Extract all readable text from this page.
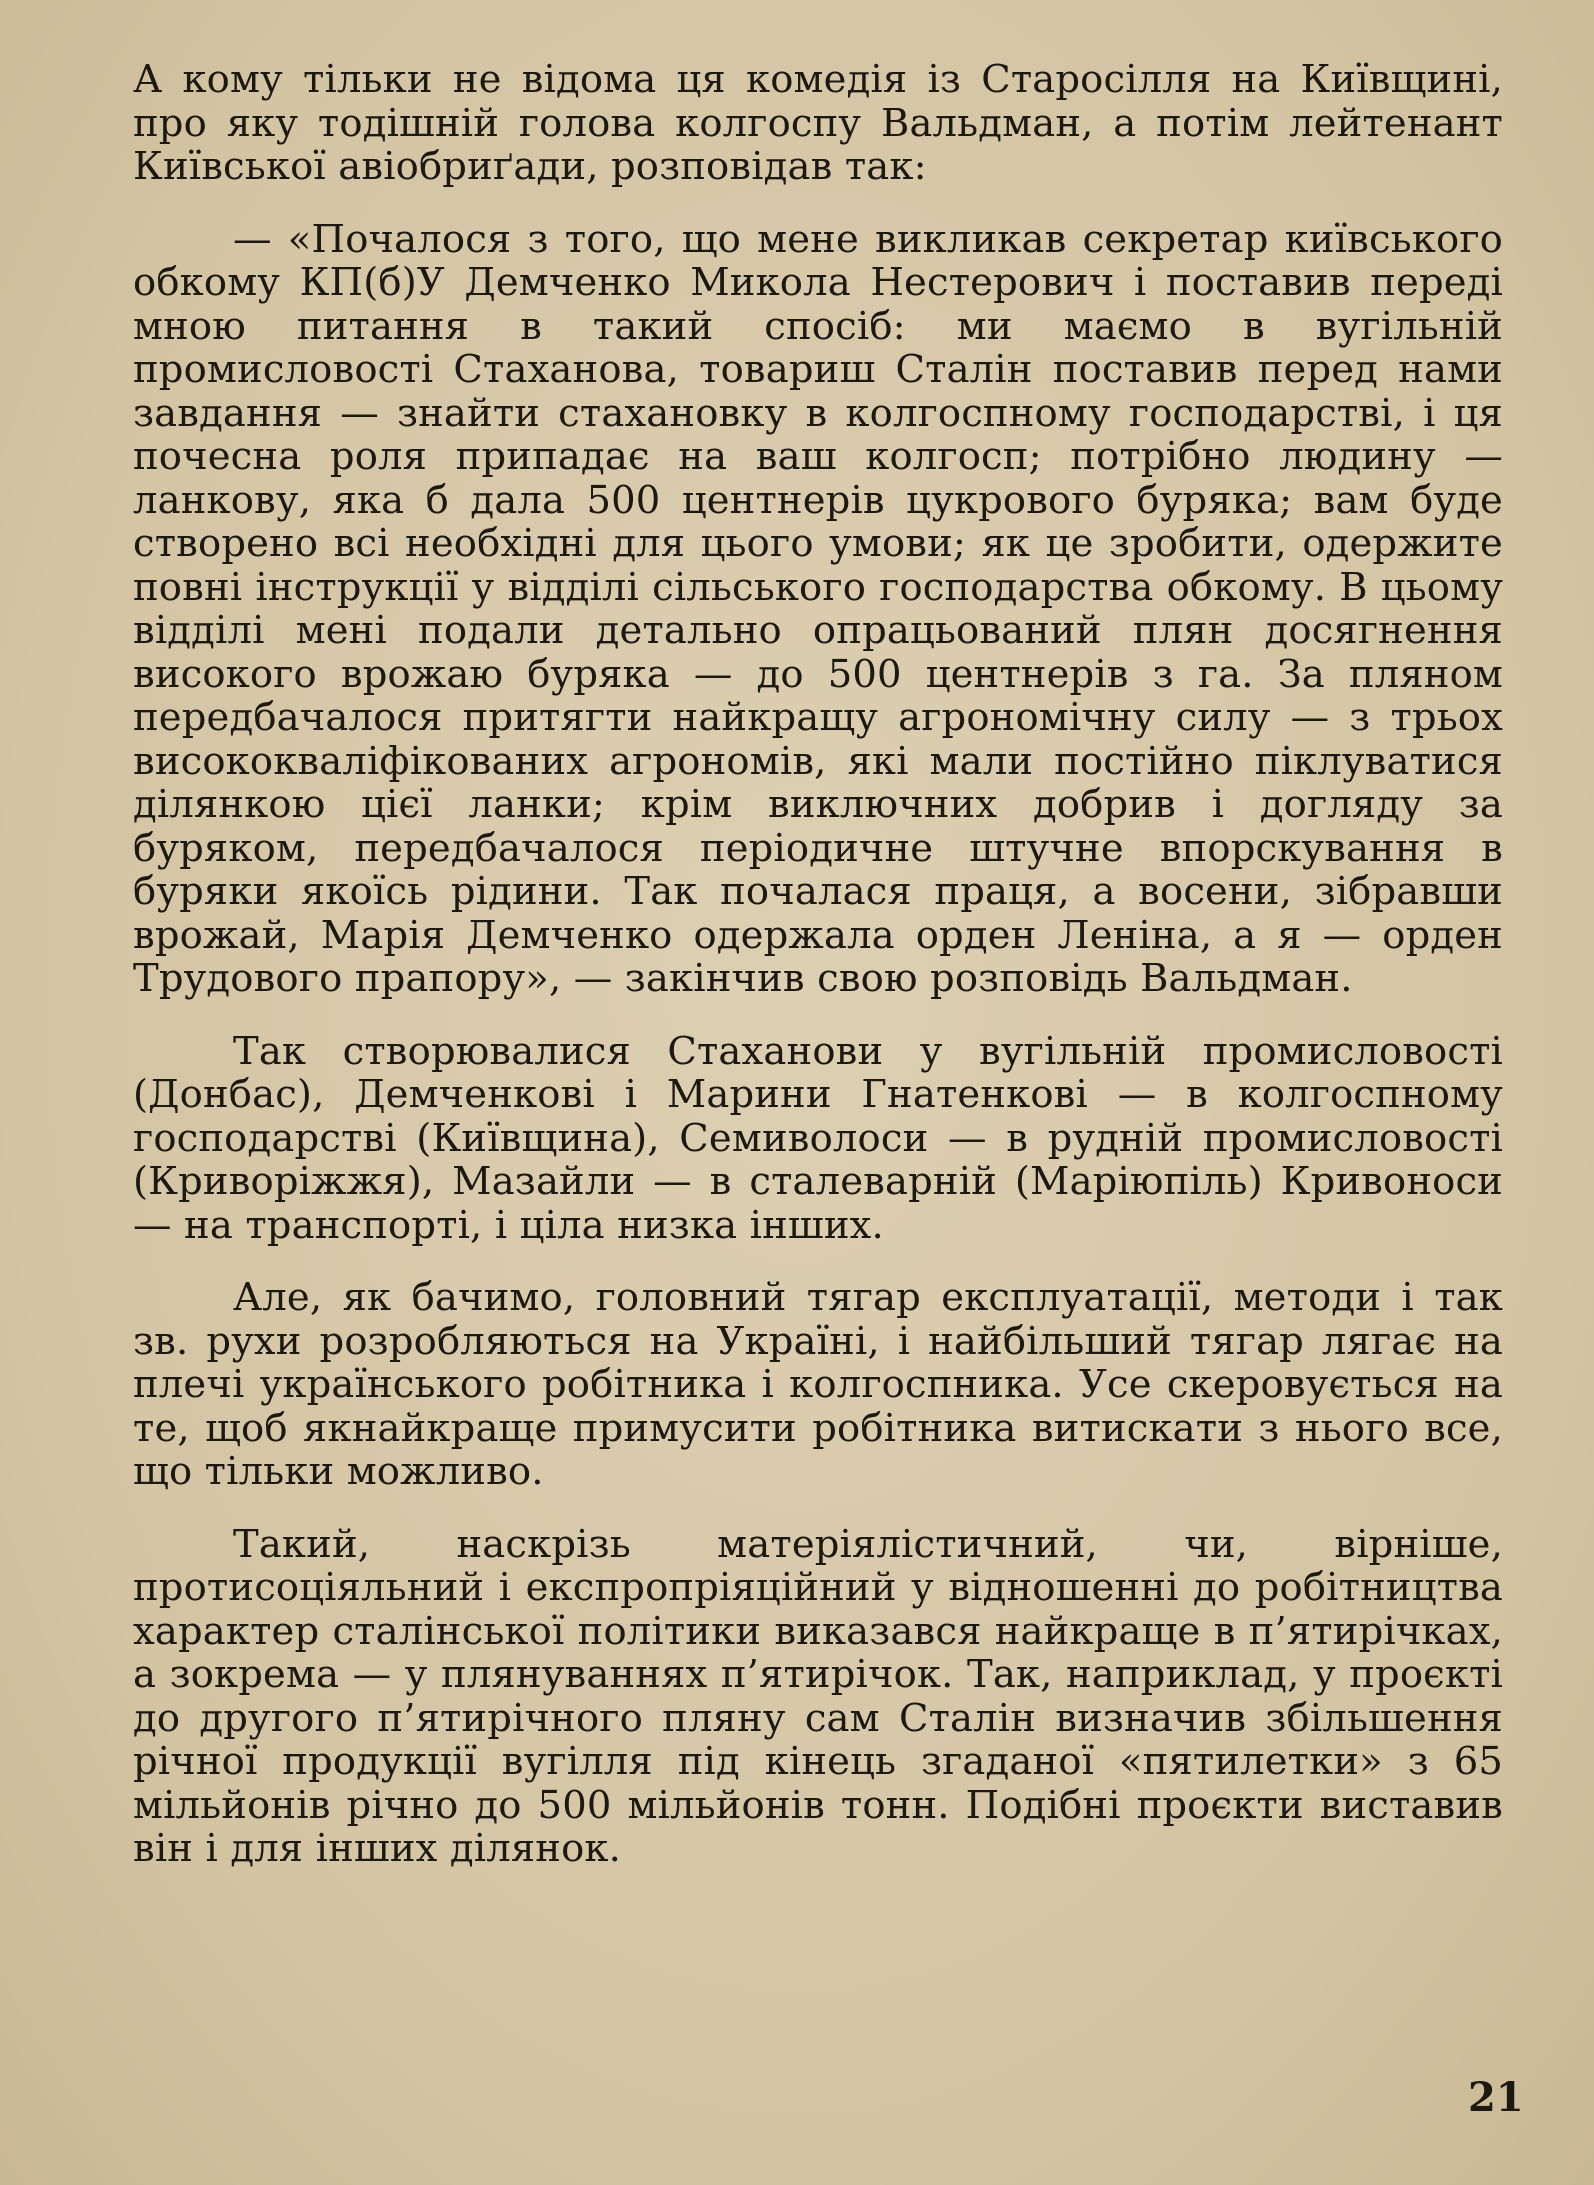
А кому тільки не відома ця комедія із Старосілля на Київщині, про яку тодішній голова колгоспу Вальдман, а потім лейтенант Київської авіобриґади, розповідав так:

— «Почалося з того, що мене викликав секретар київського обкому КП(б)У Демченко Микола Нестерович і поставив переді мною питання в такий спосіб: ми маємо в вугільній промисловості Стаханова, товариш Сталін поставив перед нами завдання — знайти стахановку в колгоспному господарстві, і ця почесна роля припадає на ваш колгосп; потрібно людину — ланкову, яка б дала 500 центнерів цукрового буряка; вам буде створено всі необхідні для цього умови; як це зробити, одержите повні інструкції у відділі сільського господарства обкому. В цьому відділі мені подали детально опрацьований плян досягнення високого врожаю буряка — до 500 центнерів з га. За пляном передбачалося притягти найкращу агрономічну силу — з трьох висококваліфікованих агрономів, які мали постійно піклуватися ділянкою цієї ланки; крім виключних добрив і догляду за буряком, передбачалося періодичне штучне впорскування в буряки якоїсь рідини. Так почалася праця, а восени, зібравши врожай, Марія Демченко одержала орден Леніна, а я — орден Трудового прапору», — закінчив свою розповідь Вальдман.

Так створювалися Стаханови у вугільній промисловості (Донбас), Демченкові і Марини Гнатенкові — в колгоспному господарстві (Київщина), Семиволоси — в рудній промисловості (Криворіжжя), Мазайли — в сталеварній (Маріюпіль) Кривоноси — на транспорті, і ціла низка інших.

Але, як бачимо, головний тягар експлуатації, методи і так зв. рухи розробляються на Україні, і найбільший тягар лягає на плечі українського робітника і колгоспника. Усе скеровується на те, щоб якнайкраще примусити робітника витискати з нього все, що тільки можливо.

Такий, наскрізь матеріялістичний, чи, вірніше, протисоціяльний і експропріяційний у відношенні до робітництва характер сталінської політики виказався найкраще в п’ятирічках, а зокрема — у плянуваннях п’ятирічок. Так, наприклад, у проєкті до другого п’ятирічного пляну сам Сталін визначив збільшення річної продукції вугілля під кінець згаданої «пятилетки» з 65 мільйонів річно до 500 мільйонів тонн. Подібні проєкти виставив він і для інших ділянок.

21
